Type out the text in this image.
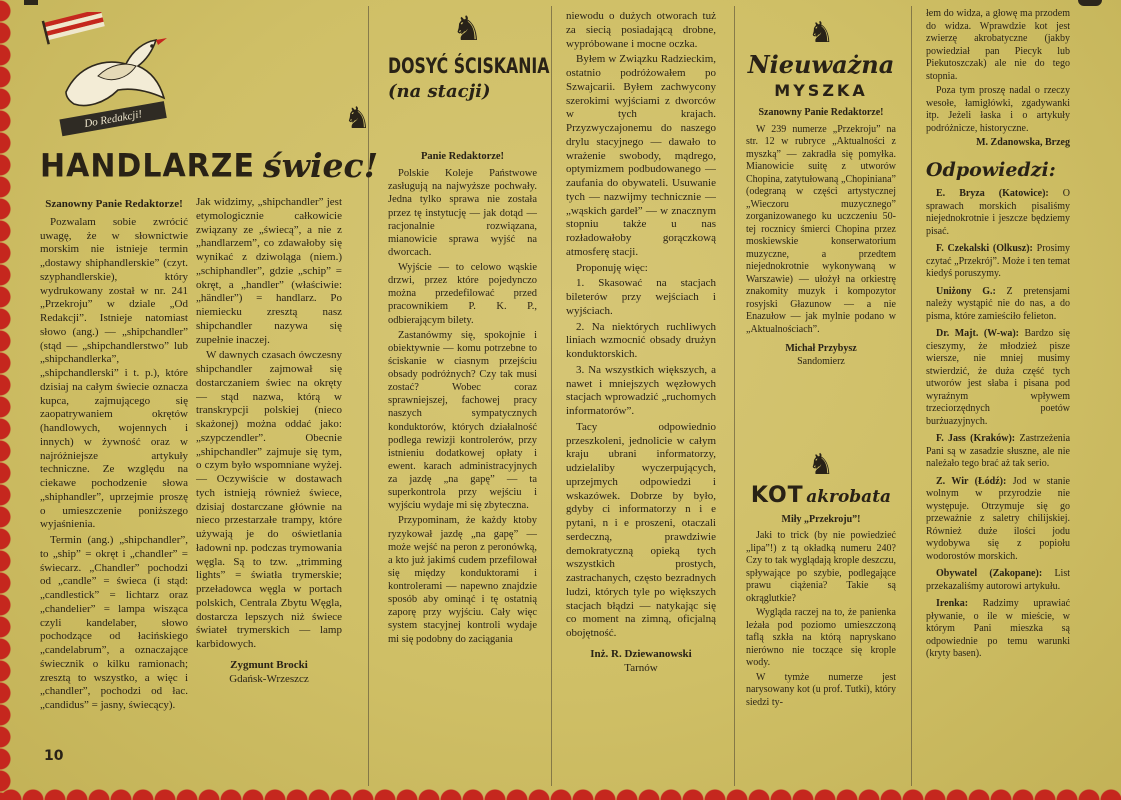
Do Redakcji!	♞
♞
HANDLARZE świec!

Szanowny Panie Redaktorze!

Pozwalam sobie zwrócić uwagę, że w słownictwie morskim nie istnieje termin „dostawy shiphandlerskie” (czyt. szyphandlerskie), który wydrukowany został w nr. 241 „Przekroju” w dziale „Od Redakcji”. Istnieje natomiast słowo (ang.) — „shipchandler” (stąd — „shipchandlerstwo” lub „shipchandlerka”, „shipchandlerski” i t. p.), które dzisiaj na całym świecie oznacza kupca, zajmującego się zaopatrywaniem okrętów (handlowych, wojennych i innych) w żywność oraz w najróżniejsze artykuły techniczne. Ze względu na ciekawe pochodzenie słowa „shiphandler”, uprzejmie proszę o umieszczenie poniższego wyjaśnienia.

Termin (ang.) „shipchandler”, to „ship” = okręt i „chandler” = świecarz. „Chandler” pochodzi od „candle” = świeca (i stąd: „candlestick” = lichtarz oraz „chandelier” = lampa wisząca czyli kandelaber, słowo pochodzące od łacińskiego „candelabrum”, a oznaczające świecznik o kilku ramionach; zresztą to wszystko, a więc i „chandler”, pochodzi od łac. „candidus” = jasny, świecący).

Jak widzimy, „shipchandler” jest etymologicznie całkowicie związany ze „świecą”, a nie z „handlarzem”, co zdawałoby się wynikać z dziwoląga (niem.) „schiphandler”, gdzie „schip” = okręt, a „handler” (właściwie: „händler”) = handlarz. Po niemiecku zresztą nasz shipchandler nazywa się zupełnie inaczej.

W dawnych czasach ówczesny shipchandler zajmował się dostarczaniem świec na okręty — stąd nazwa, którą w transkrypcji polskiej (nieco skażonej) można oddać jako: „szypczendler”. Obecnie „shipchandler” zajmuje się tym, o czym było wspomniane wyżej. — Oczywiście w dostawach tych istnieją również świece, dzisiaj dostarczane głównie na nieco przestarzałe trampy, które używają je do oświetlania ładowni np. podczas trymowania węgla. Są to tzw. „trimming lights” = światła trymerskie; przeładowca węgla w portach polskich, Centrala Zbytu Węgla, dostarcza lepszych niż świece świateł trymerskich — lamp karbidowych.

Zygmunt Brocki

Gdańsk-Wrzeszcz

DOSYĆ ŚCISKANIA
(na stacji)

Panie Redaktorze!

Polskie Koleje Państwowe zasługują na najwyższe pochwały. Jedna tylko sprawa nie została przez tę instytucję — jak dotąd — racjonalnie rozwiązana, mianowicie sprawa wyjść na dworcach.

Wyjście — to celowo wąskie drzwi, przez które pojedynczo można przedefilować przed pracownikiem P. K. P., odbierającym bilety.

Zastanówmy się, spokojnie i obiektywnie — komu potrzebne to ściskanie w ciasnym przejściu obsady podróżnych? Czy tak musi zostać? Wobec coraz sprawniejszej, fachowej pracy naszych sympatycznych konduktorów, których działalność podlega rewizji kontrolerów, przy istnieniu dodatkowej opłaty i ewent. karach administracyjnych za jazdę „na gapę” — ta superkontrola przy wejściu i wyjściu wydaje mi się zbyteczna.

Przypominam, że każdy ktoby ryzykował jazdę „na gapę” — może wejść na peron z peronówką, a kto już jakimś cudem przefilował się między konduktorami i kontrolerami — napewno znajdzie sposób aby ominąć i tę ostatnią zaporę przy wyjściu. Cały więc system stacyjnej kontroli wydaje mi się podobny do zaciągania

niewodu o dużych otworach tuż za siecią posiadającą drobne, wypróbowane i mocne oczka.

Byłem w Związku Radzieckim, ostatnio podróżowałem po Szwajcarii. Byłem zachwycony szerokimi wyjściami z dworców w tych krajach. Przyzwyczajonemu do naszego drylu stacyjnego — dawało to wrażenie swobody, mądrego, optymizmem podbudowanego — zaufania do obywateli. Usuwanie tych — nazwijmy technicznie — „wąskich gardeł” — w znacznym stopniu także u nas rozładowałoby gorączkową atmosferę stacji.

Proponuję więc:

1. Skasować na stacjach bileterów przy wejściach i wyjściach.

2. Na niektórych ruchliwych liniach wzmocnić obsady drużyn konduktorskich.

3. Na wszystkich większych, a nawet i mniejszych węzłowych stacjach wprowadzić „ruchomych informatorów”.

Tacy odpowiednio przeszkoleni, jednolicie w całym kraju ubrani informatorzy, udzielaliby wyczerpujących, uprzejmych odpowiedzi i wskazówek. Dobrze by było, gdyby ci informatorzy n i e pytani, n i e proszeni, otaczali serdeczną, prawdziwie demokratyczną opieką tych wszystkich prostych, zastrachanych, często bezradnych ludzi, których tyle po większych stacjach błądzi — natykając się co moment na zimną, oficjalną obojętność.

Inż. R. Dziewanowski

Tarnów

♞
Nieuważna
MYSZKA

Szanowny Panie Redaktorze!

W 239 numerze „Przekroju” na str. 12 w rubryce „Aktualności z myszką” — zakradła się pomyłka. Mianowicie suitę z utworów Chopina, zatytułowaną „Chopiniana” (odegraną w części artystycznej „Wieczoru muzycznego” zorganizowanego ku uczczeniu 50-tej rocznicy śmierci Chopina przez moskiewskie konserwatorium muzyczne, a przedtem niejednokrotnie wykonywaną w Warszawie) — ułożył na orkiestrę znakomity muzyk i kompozytor rosyjski Głazunow — a nie Enazułow — jak mylnie podano w „Aktualnościach”.

Michał Przybysz

Sandomierz

♞
KOT akrobata

Miły „Przekroju”!

Jaki to trick (by nie powiedzieć „lipa”!) z tą okładką numeru 240? Czy to tak wyglądają krople deszczu, spływające po szybie, podlegające prawu ciążenia? Takie są okrąglutkie?

Wygląda raczej na to, że panienka leżała pod poziomo umieszczoną taflą szkła na którą napryskano nierówno nie toczące się krople wody.

W tymże numerze jest narysowany kot (u prof. Tutki), który siedzi ty-

łem do widza, a głowę ma przodem do widza. Wprawdzie kot jest zwierzę akrobatyczne (jakby powiedział pan Piecyk lub Piekutoszczak) ale nie do tego stopnia.

Poza tym proszę nadal o rzeczy wesołe, łamigłówki, zgadywanki itp. Jeżeli łaska i o artykuły podróżnicze, historyczne.

M. Zdanowska, Brzeg

Odpowiedzi:

E. Bryza (Katowice): O sprawach morskich pisaliśmy niejednokrotnie i jeszcze będziemy pisać.

F. Czekalski (Olkusz): Prosimy czytać „Przekrój”. Może i ten temat kiedyś poruszymy.

Uniżony G.: Z pretensjami należy wystąpić nie do nas, a do pisma, które zamieściło felieton.

Dr. Majt. (W-wa): Bardzo się cieszymy, że młodzież pisze wiersze, nie mniej musimy stwierdzić, że duża część tych utworów jest słaba i pisana pod wyraźnym wpływem trzeciorzędnych poetów burżuazyjnych.

F. Jass (Kraków): Zastrzeżenia Pani są w zasadzie słuszne, ale nie należało tego brać aż tak serio.

Z. Wir (Łódź): Jod w stanie wolnym w przyrodzie nie występuje. Otrzymuje się go przeważnie z saletry chilijskiej. Również duże ilości jodu wydobywa się z popiołu wodorostów morskich.

Obywatel (Zakopane): List przekazaliśmy autorowi artykułu.

Irenka: Radzimy uprawiać pływanie, o ile w mieście, w którym Pani mieszka są odpowiednie po temu warunki (kryty basen).

10
